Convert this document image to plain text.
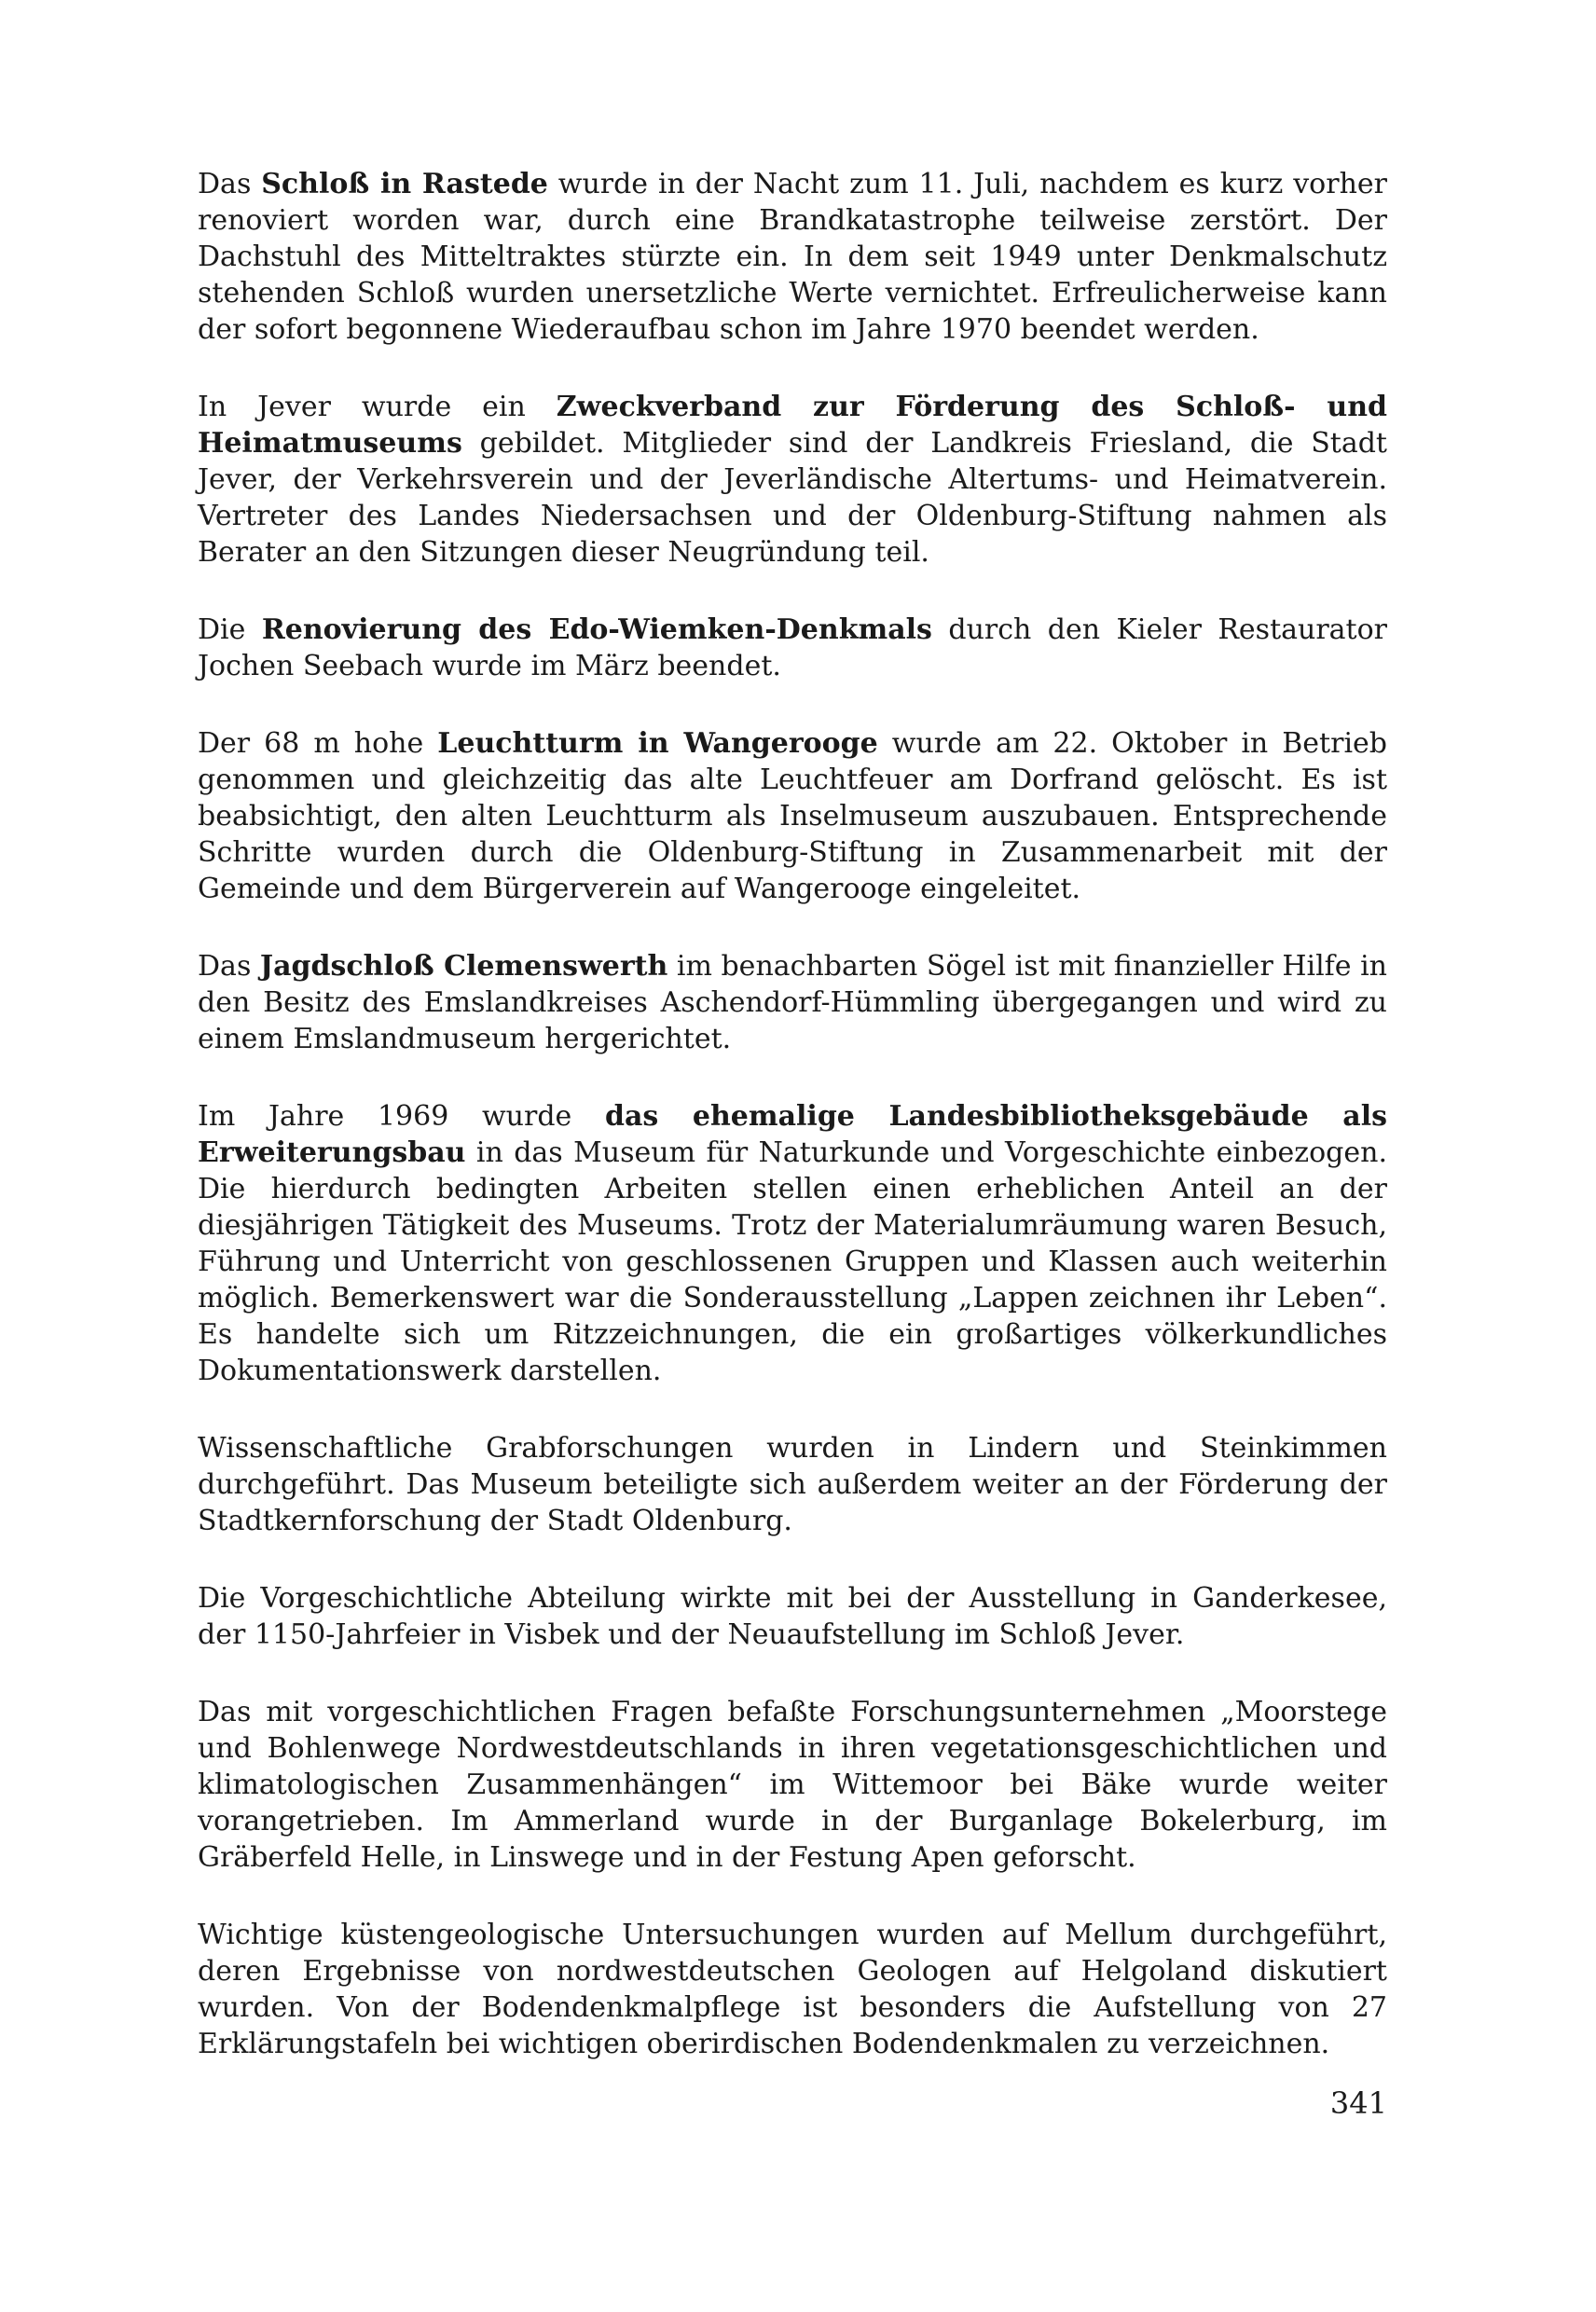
Das Schloß in Rastede wurde in der Nacht zum 11. Juli, nachdem es kurz vorher renoviert worden war, durch eine Brandkatastrophe teilweise zerstört. Der Dachstuhl des Mitteltraktes stürzte ein. In dem seit 1949 unter Denkmalschutz stehenden Schloß wurden unersetzliche Werte vernichtet. Erfreulicherweise kann der sofort begonnene Wiederaufbau schon im Jahre 1970 beendet werden.

In Jever wurde ein Zweckverband zur Förderung des Schloß- und Heimatmuseums gebildet. Mitglieder sind der Landkreis Friesland, die Stadt Jever, der Verkehrsverein und der Jeverländische Altertums- und Heimatverein. Vertreter des Landes Niedersachsen und der Oldenburg-Stiftung nahmen als Berater an den Sitzungen dieser Neugründung teil.

Die Renovierung des Edo-Wiemken-Denkmals durch den Kieler Restaurator Jochen Seebach wurde im März beendet.

Der 68 m hohe Leuchtturm in Wangerooge wurde am 22. Oktober in Betrieb genommen und gleichzeitig das alte Leuchtfeuer am Dorfrand gelöscht. Es ist beabsichtigt, den alten Leuchtturm als Inselmuseum auszubauen. Entsprechende Schritte wurden durch die Oldenburg-Stiftung in Zusammenarbeit mit der Gemeinde und dem Bürgerverein auf Wangerooge eingeleitet.

Das Jagdschloß Clemenswerth im benachbarten Sögel ist mit finanzieller Hilfe in den Besitz des Emslandkreises Aschendorf-Hümmling übergegangen und wird zu einem Emslandmuseum hergerichtet.

Im Jahre 1969 wurde das ehemalige Landesbibliotheksgebäude als Erweiterungsbau in das Museum für Naturkunde und Vorgeschichte einbezogen. Die hierdurch bedingten Arbeiten stellen einen erheblichen Anteil an der diesjährigen Tätigkeit des Museums. Trotz der Materialumräumung waren Besuch, Führung und Unterricht von geschlossenen Gruppen und Klassen auch weiterhin möglich. Bemerkenswert war die Sonderausstellung „Lappen zeichnen ihr Leben“. Es handelte sich um Ritzzeichnungen, die ein großartiges völkerkundliches Dokumentationswerk darstellen.

Wissenschaftliche Grabforschungen wurden in Lindern und Steinkimmen durchgeführt. Das Museum beteiligte sich außerdem weiter an der Förderung der Stadtkernforschung der Stadt Oldenburg.

Die Vorgeschichtliche Abteilung wirkte mit bei der Ausstellung in Ganderkesee, der 1150-Jahrfeier in Visbek und der Neuaufstellung im Schloß Jever.

Das mit vorgeschichtlichen Fragen befaßte Forschungsunternehmen „Moorstege und Bohlenwege Nordwestdeutschlands in ihren vegetationsgeschichtlichen und klimatologischen Zusammenhängen“ im Wittemoor bei Bäke wurde weiter vorangetrieben. Im Ammerland wurde in der Burganlage Bokelerburg, im Gräberfeld Helle, in Linswege und in der Festung Apen geforscht.

Wichtige küstengeologische Untersuchungen wurden auf Mellum durchgeführt, deren Ergebnisse von nordwestdeutschen Geologen auf Helgoland diskutiert wurden. Von der Bodendenkmalpflege ist besonders die Aufstellung von 27 Erklärungstafeln bei wichtigen oberirdischen Bodendenkmalen zu verzeichnen.

341
